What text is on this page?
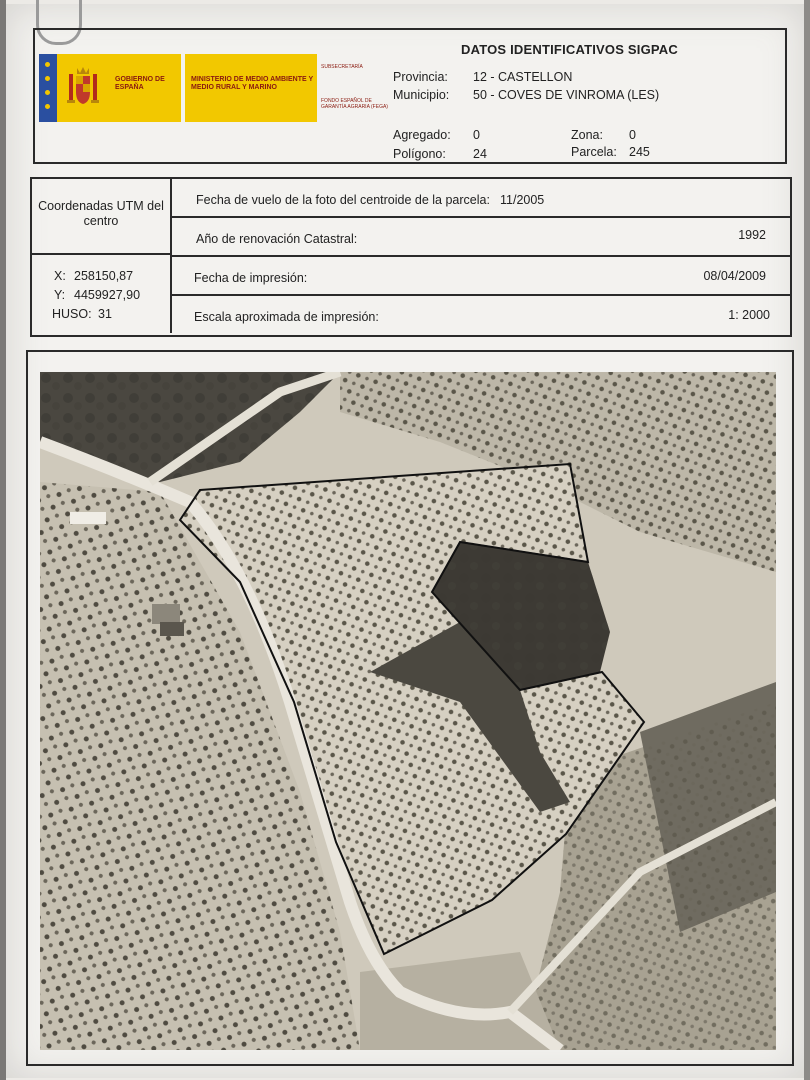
DATOS IDENTIFICATIVOS SIGPAC
GOBIERNO DE ESPAÑA
MINISTERIO DE MEDIO AMBIENTE Y MEDIO RURAL Y MARINO
SUBSECRETARÍA
FONDO ESPAÑOL DE GARANTÍA AGRARIA (FEGA)
Provincia: 12 - CASTELLON
Municipio: 50 - COVES DE VINROMA (LES)
Agregado: 0	Zona: 0
Polígono: 24	Parcela: 245
Coordenadas UTM del centro
X: 258150,87
Y: 4459927,90
HUSO: 31
Fecha de vuelo de la foto del centroide de la parcela: 11/2005
Año de renovación Catastral:	1992
Fecha de impresión:	08/04/2009
Escala aproximada de impresión:	1: 2000
